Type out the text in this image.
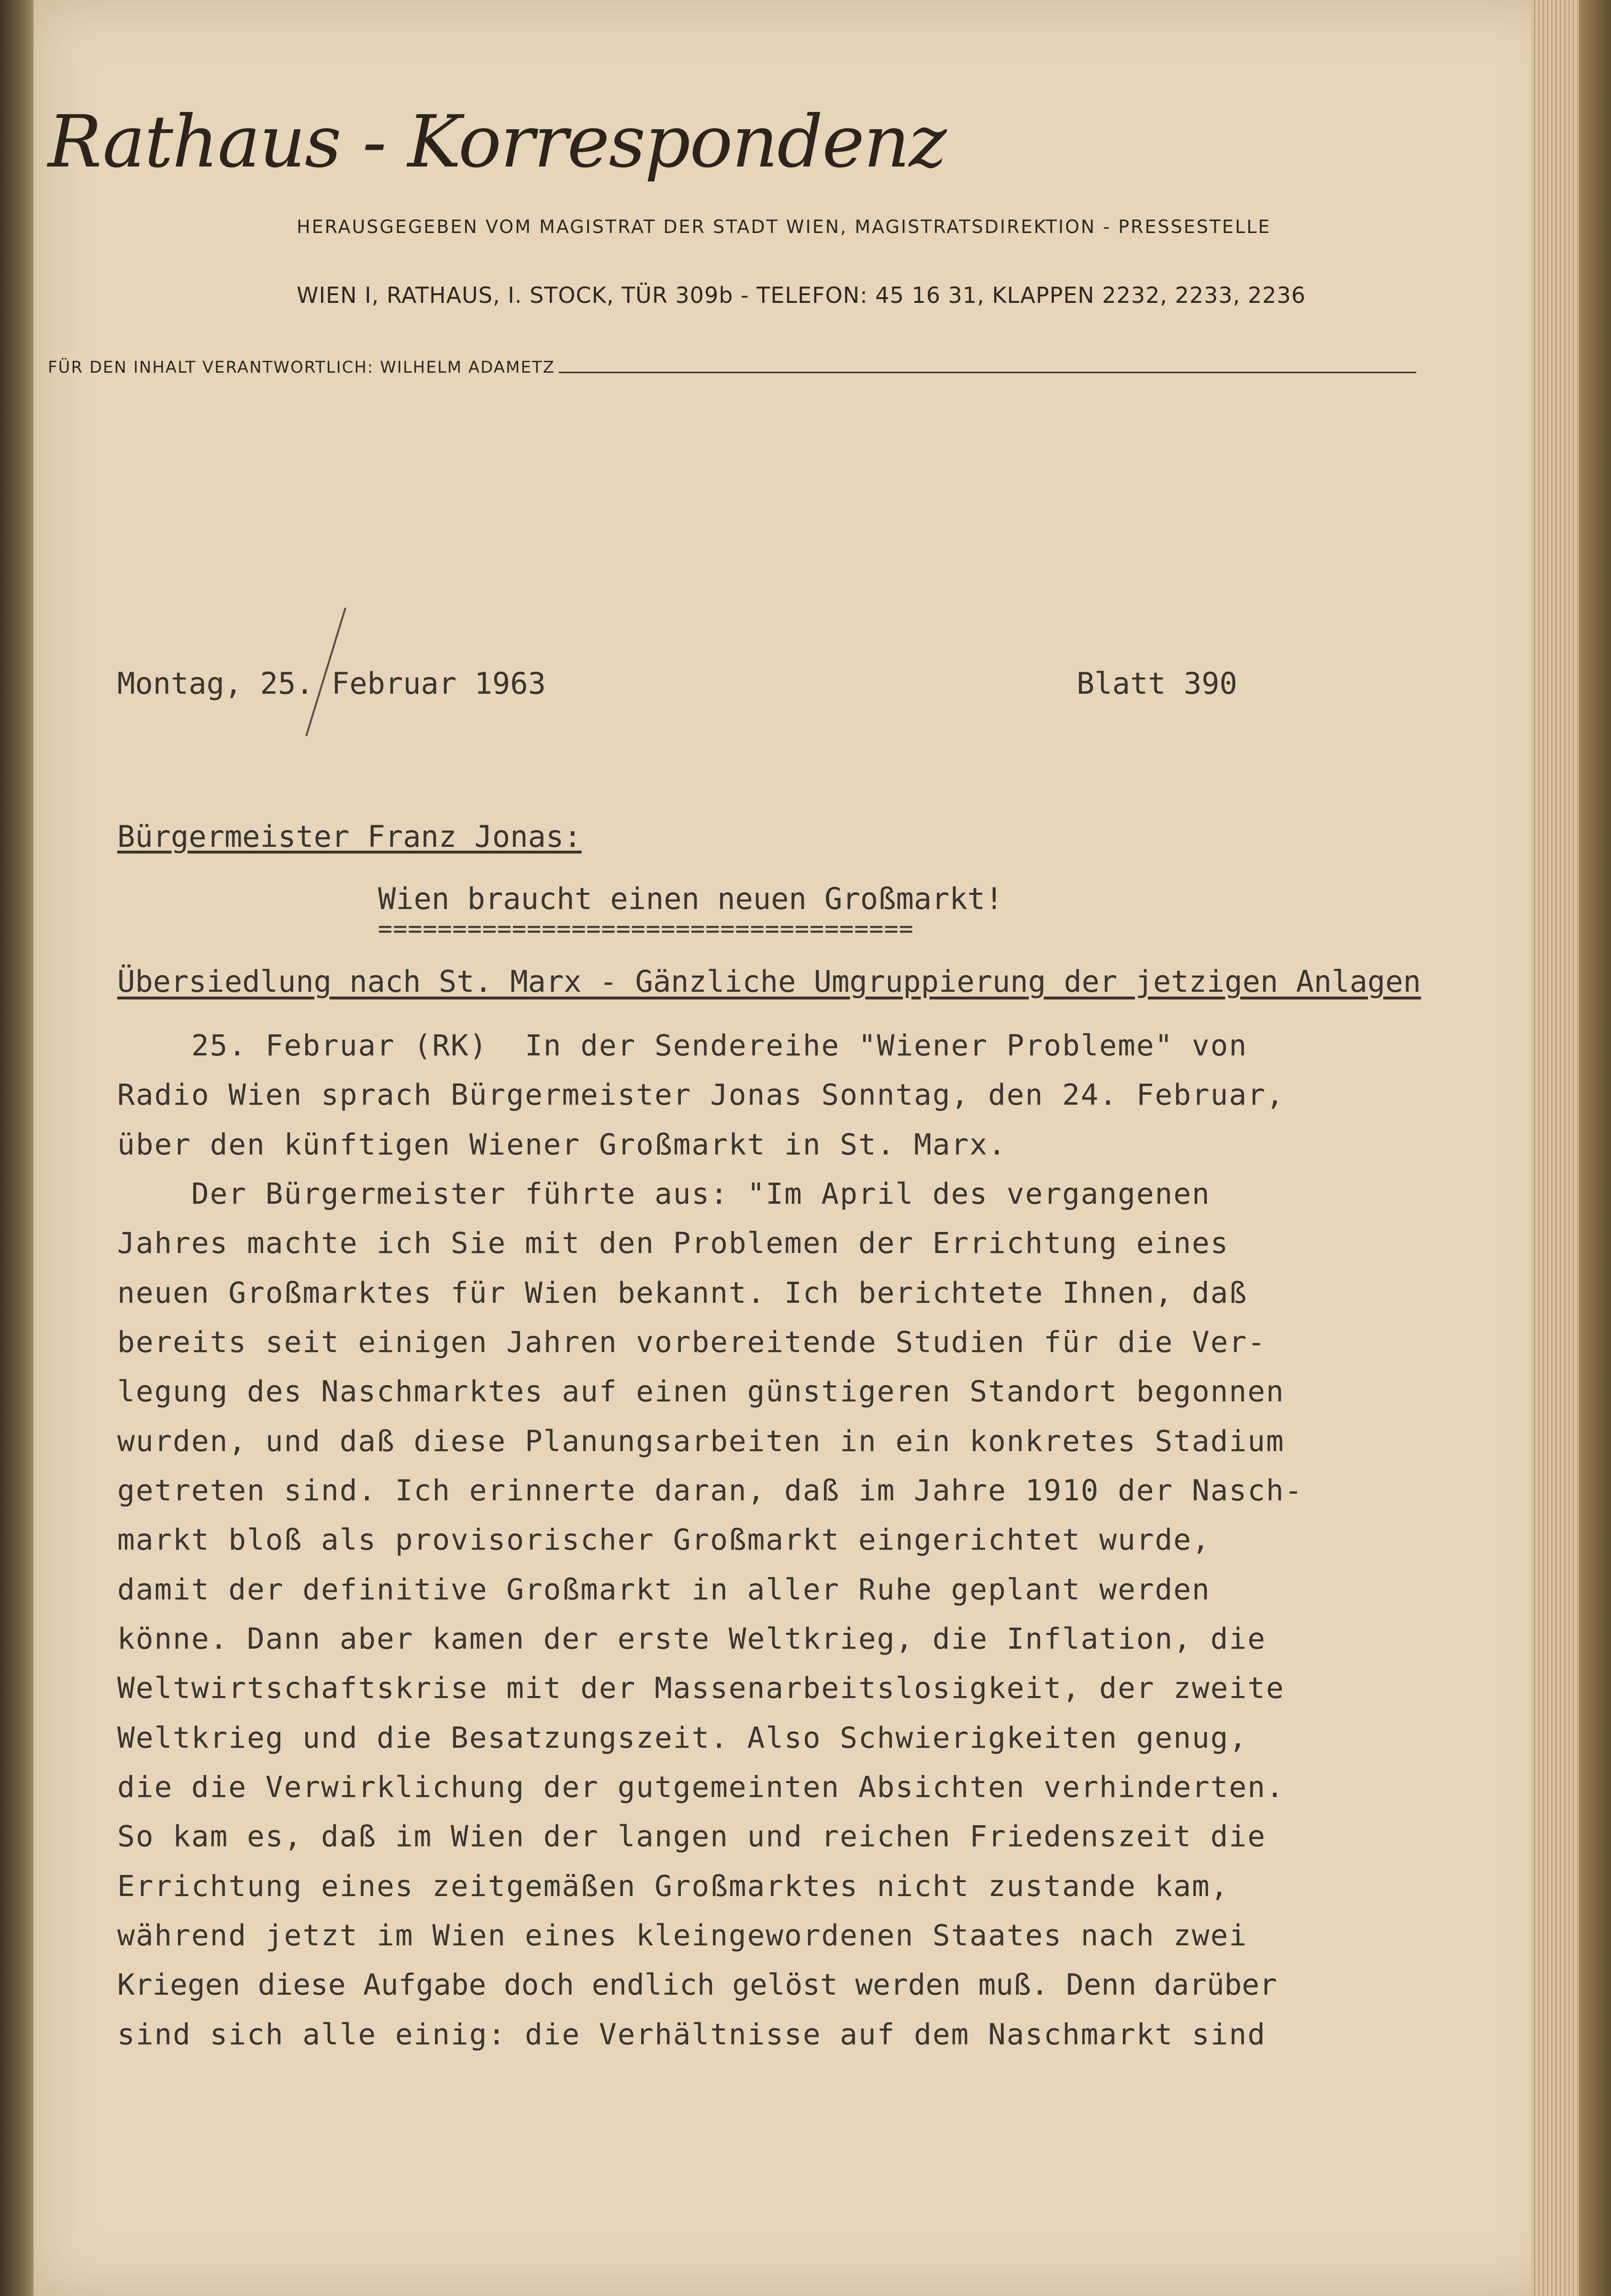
Rathaus - Korrespondenz
HERAUSGEGEBEN VOM MAGISTRAT DER STADT WIEN, MAGISTRATSDIREKTION - PRESSESTELLE
WIEN I, RATHAUS, I. STOCK, TÜR 309b - TELEFON: 45 16 31, KLAPPEN 2232, 2233, 2236
FÜR DEN INHALT VERANTWORTLICH: WILHELM ADAMETZ
Montag, 25. Februar 1963	Blatt 390
Bürgermeister Franz Jonas:
Wien braucht einen neuen Großmarkt!
====================================
Übersiedlung nach St. Marx - Gänzliche Umgruppierung der jetzigen Anlagen
25. Februar (RK)  In der Sendereihe "Wiener Probleme" von
Radio Wien sprach Bürgermeister Jonas Sonntag, den 24. Februar,
über den künftigen Wiener Großmarkt in St. Marx.
Der Bürgermeister führte aus: "Im April des vergangenen
Jahres machte ich Sie mit den Problemen der Errichtung eines
neuen Großmarktes für Wien bekannt. Ich berichtete Ihnen, daß
bereits seit einigen Jahren vorbereitende Studien für die Ver-
legung des Naschmarktes auf einen günstigeren Standort begonnen
wurden, und daß diese Planungsarbeiten in ein konkretes Stadium
getreten sind. Ich erinnerte daran, daß im Jahre 1910 der Nasch-
markt bloß als provisorischer Großmarkt eingerichtet wurde,
damit der definitive Großmarkt in aller Ruhe geplant werden
könne. Dann aber kamen der erste Weltkrieg, die Inflation, die
Weltwirtschaftskrise mit der Massenarbeitslosigkeit, der zweite
Weltkrieg und die Besatzungszeit. Also Schwierigkeiten genug,
die die Verwirklichung der gutgemeinten Absichten verhinderten.
So kam es, daß im Wien der langen und reichen Friedenszeit die
Errichtung eines zeitgemäßen Großmarktes nicht zustande kam,
während jetzt im Wien eines kleingewordenen Staates nach zwei
Kriegen diese Aufgabe doch endlich gelöst werden muß. Denn darüber
sind sich alle einig: die Verhältnisse auf dem Naschmarkt sind
